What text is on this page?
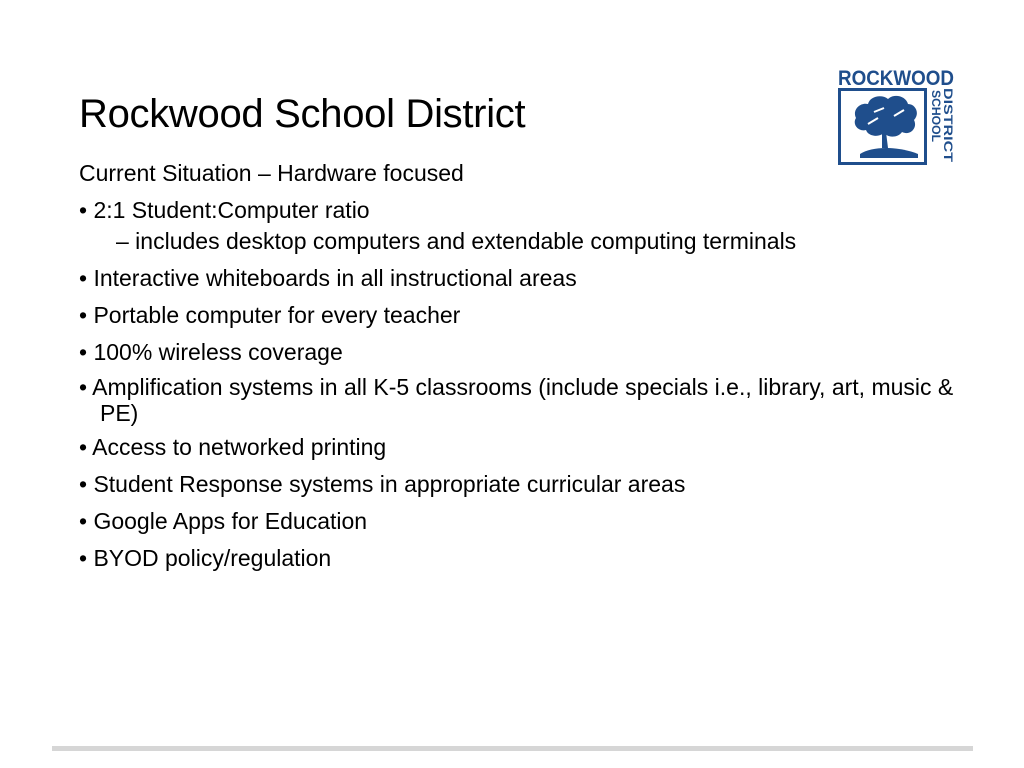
Rockwood School District
ROCKWOOD
SCHOOL DISTRICT

Current Situation – Hardware focused

• 2:1 Student:Computer ratio

– includes desktop computers and extendable computing terminals

• Interactive whiteboards in all instructional areas

• Portable computer for every teacher

• 100% wireless coverage

• Amplification systems in all K-5 classrooms (include specials i.e., library, art, music & PE)

• Access to networked printing

• Student Response systems in appropriate curricular areas

• Google Apps for Education

• BYOD policy/regulation
